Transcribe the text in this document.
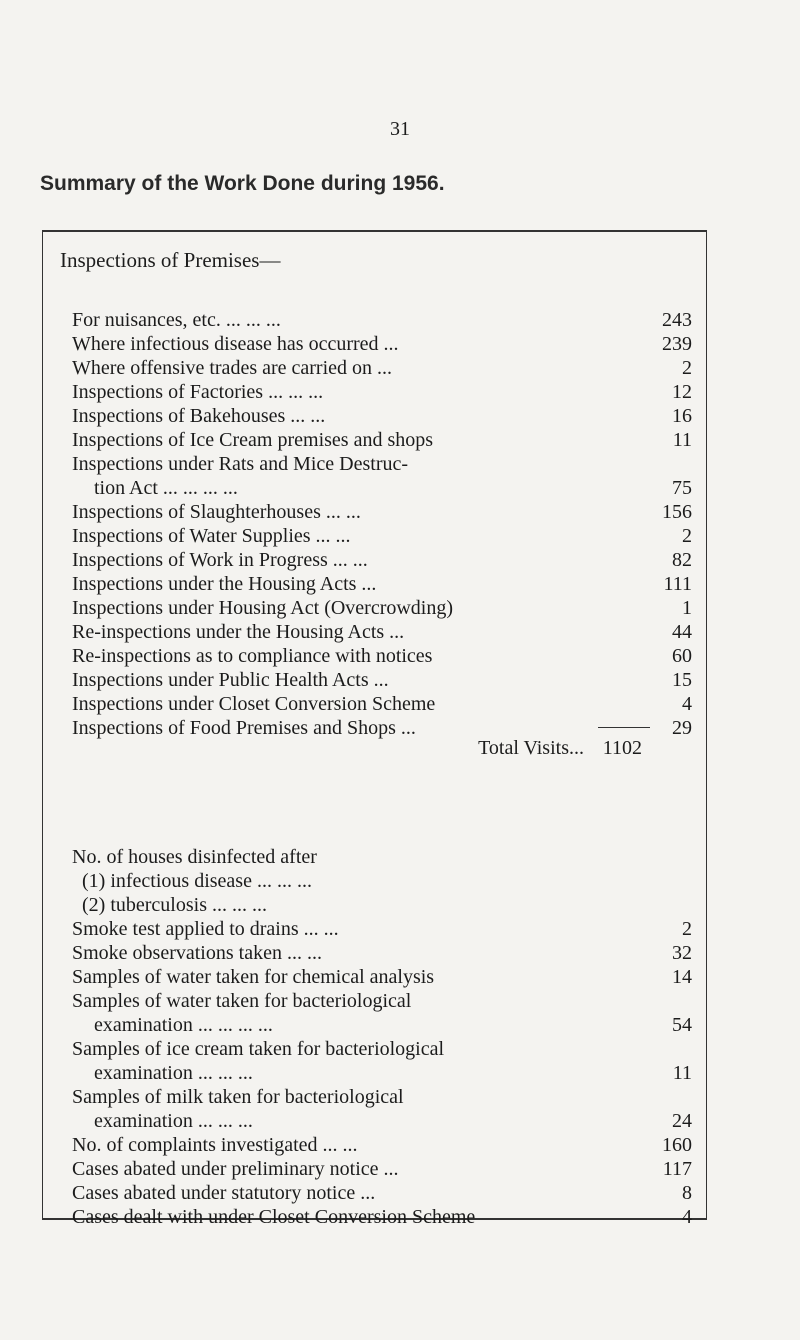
31
Summary of the Work Done during 1956.
Inspections of Premises—
For nuisances, etc. ... ... ...	243
Where infectious disease has occurred ...	239
Where offensive trades are carried on ...	2
Inspections of Factories ... ... ...	12
Inspections of Bakehouses ... ...	16
Inspections of Ice Cream premises and shops	11
Inspections under Rats and Mice Destruc-
tion Act ... ... ... ...	75
Inspections of Slaughterhouses ... ...	156
Inspections of Water Supplies ... ...	2
Inspections of Work in Progress ... ...	82
Inspections under the Housing Acts ...	111
Inspections under Housing Act (Overcrowding)	1
Re-inspections under the Housing Acts ...	44
Re-inspections as to compliance with notices	60
Inspections under Public Health Acts ...	15
Inspections under Closet Conversion Scheme	4
Inspections of Food Premises and Shops ...	29
Total Visits... 1102
No. of houses disinfected after
(1) infectious disease ... ... ...
(2) tuberculosis ... ... ...
Smoke test applied to drains ... ...	2
Smoke observations taken ... ...	32
Samples of water taken for chemical analysis	14
Samples of water taken for bacteriological
examination ... ... ... ...	54
Samples of ice cream taken for bacteriological
examination ... ... ...	11
Samples of milk taken for bacteriological
examination ... ... ...	24
No. of complaints investigated ... ...	160
Cases abated under preliminary notice ...	117
Cases abated under statutory notice ...	8
Cases dealt with under Closet Conversion Scheme	4
